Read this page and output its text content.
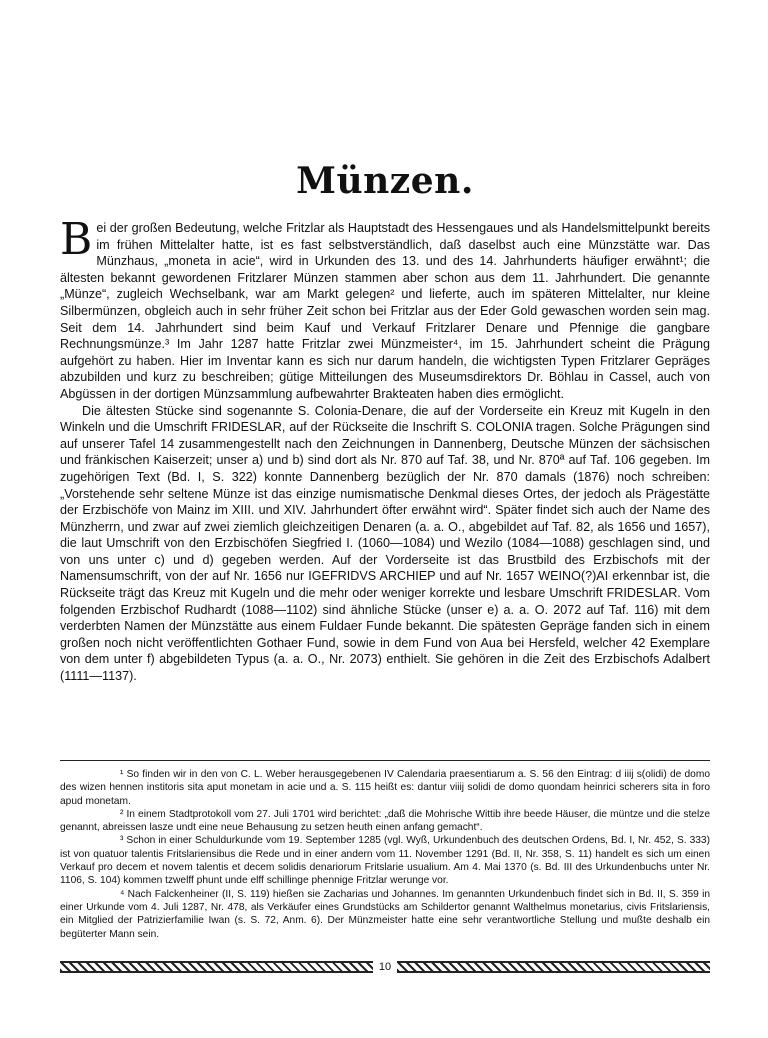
Münzen.

Bei der großen Bedeutung, welche Fritzlar als Hauptstadt des Hessengaues und als Handelsmittelpunkt bereits im frühen Mittelalter hatte, ist es fast selbstverständlich, daß daselbst auch eine Münzstätte war. Das Münzhaus, „moneta in acie“, wird in Urkunden des 13. und des 14. Jahrhunderts häufiger erwähnt¹; die ältesten bekannt gewordenen Fritzlarer Münzen stammen aber schon aus dem 11. Jahrhundert. Die genannte „Münze“, zugleich Wechselbank, war am Markt gelegen² und lieferte, auch im späteren Mittelalter, nur kleine Silbermünzen, obgleich auch in sehr früher Zeit schon bei Fritzlar aus der Eder Gold gewaschen worden sein mag. Seit dem 14. Jahrhundert sind beim Kauf und Verkauf Fritzlarer Denare und Pfennige die gangbare Rechnungsmünze.³ Im Jahr 1287 hatte Fritzlar zwei Münzmeister⁴, im 15. Jahrhundert scheint die Prägung aufgehört zu haben. Hier im Inventar kann es sich nur darum handeln, die wichtigsten Typen Fritzlarer Gepräges abzubilden und kurz zu beschreiben; gütige Mitteilungen des Museumsdirektors Dr. Böhlau in Cassel, auch von Abgüssen in der dortigen Münzsammlung aufbewahrter Brakteaten haben dies ermöglicht.

Die ältesten Stücke sind sogenannte S. Colonia-Denare, die auf der Vorderseite ein Kreuz mit Kugeln in den Winkeln und die Umschrift FRIDESLAR, auf der Rückseite die Inschrift S. COLONIA tragen. Solche Prägungen sind auf unserer Tafel 14 zusammengestellt nach den Zeichnungen in Dannenberg, Deutsche Münzen der sächsischen und fränkischen Kaiserzeit; unser a) und b) sind dort als Nr. 870 auf Taf. 38, und Nr. 870ª auf Taf. 106 gegeben. Im zugehörigen Text (Bd. I, S. 322) konnte Dannenberg bezüglich der Nr. 870 damals (1876) noch schreiben: „Vorstehende sehr seltene Münze ist das einzige numismatische Denkmal dieses Ortes, der jedoch als Prägestätte der Erzbischöfe von Mainz im XIII. und XIV. Jahrhundert öfter erwähnt wird“. Später findet sich auch der Name des Münzherrn, und zwar auf zwei ziemlich gleichzeitigen Denaren (a. a. O., abgebildet auf Taf. 82, als 1656 und 1657), die laut Umschrift von den Erzbischöfen Siegfried I. (1060—1084) und Wezilo (1084—1088) geschlagen sind, und von uns unter c) und d) gegeben werden. Auf der Vorderseite ist das Brustbild des Erzbischofs mit der Namensumschrift, von der auf Nr. 1656 nur IGEFRIDVS ARCHIEP und auf Nr. 1657 WEINO(?)AI erkennbar ist, die Rückseite trägt das Kreuz mit Kugeln und die mehr oder weniger korrekte und lesbare Umschrift FRIDESLAR. Vom folgenden Erzbischof Rudhardt (1088—1102) sind ähnliche Stücke (unser e) a. a. O. 2072 auf Taf. 116) mit dem verderbten Namen der Münzstätte aus einem Fuldaer Funde bekannt. Die spätesten Gepräge fanden sich in einem großen noch nicht veröffentlichten Gothaer Fund, sowie in dem Fund von Aua bei Hersfeld, welcher 42 Exemplare von dem unter f) abgebildeten Typus (a. a. O., Nr. 2073) enthielt. Sie gehören in die Zeit des Erzbischofs Adalbert (1111—1137).

¹ So finden wir in den von C. L. Weber herausgegebenen IV Calendaria praesentiarum a. S. 56 den Eintrag: d iiij s(olidi) de domo des wizen hennen institoris sita aput monetam in acie und a. S. 115 heißt es: dantur viiij solidi de domo quondam heinrici scherers sita in foro apud monetam.

² In einem Stadtprotokoll vom 27. Juli 1701 wird berichtet: „daß die Mohrische Wittib ihre beede Häuser, die müntze und die stelze genannt, abreissen lasze undt eine neue Behausung zu setzen heuth einen anfang gemacht“.

³ Schon in einer Schuldurkunde vom 19. September 1285 (vgl. Wyß, Urkundenbuch des deutschen Ordens, Bd. I, Nr. 452, S. 333) ist von quatuor talentis Fritslariensibus die Rede und in einer andern vom 11. November 1291 (Bd. II, Nr. 358, S. 11) handelt es sich um einen Verkauf pro decem et novem talentis et decem solidis denariorum Fritslarie usualium. Am 4. Mai 1370 (s. Bd. III des Urkundenbuchs unter Nr. 1106, S. 104) kommen tzwelff phunt unde elff schillinge phennige Fritzlar werunge vor.

⁴ Nach Falckenheiner (II, S. 119) hießen sie Zacharias und Johannes. Im genannten Urkundenbuch findet sich in Bd. II, S. 359 in einer Urkunde vom 4. Juli 1287, Nr. 478, als Verkäufer eines Grundstücks am Schildertor genannt Walthelmus monetarius, civis Fritslariensis, ein Mitglied der Patrizierfamilie Iwan (s. S. 72, Anm. 6). Der Münzmeister hatte eine sehr verantwortliche Stellung und mußte deshalb ein begüterter Mann sein.

10
